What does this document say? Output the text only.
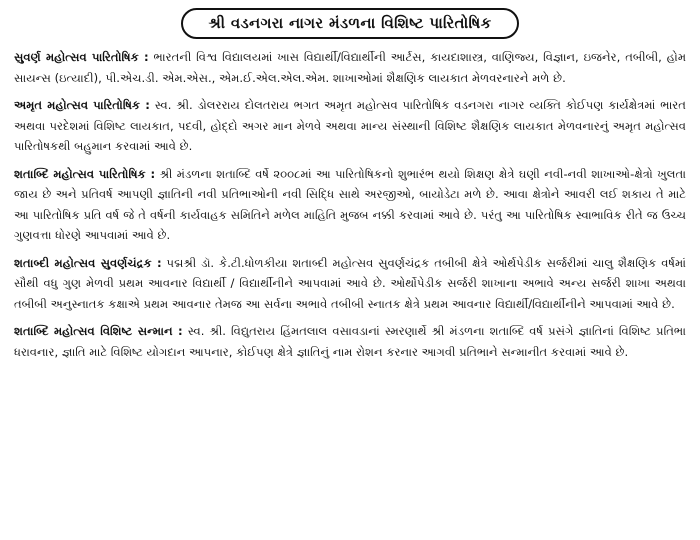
શ્રી વડનગરા નાગર મંડળના વિશિષ્ટ પારિતોષિક

સુવર્ણ મહોત્સવ પારિતોષિક : ભારતની વિશ્વ વિદ્યાલયમાં ખાસ વિદ્યાર્થી/વિદ્યાર્થીની આર્ટસ, કાયદાશાસ્ત્ર, વાણિજ્ય, વિજ્ઞાન, ઇજનેર, તબીબી, હોમ સાયન્સ (ઇત્યાદી), પી.એચ.ડી. એમ.એસ., એમ.ઈ.એલ.એલ.એમ. શાખાઓમાં શૈક્ષણિક લાયકાત મેળવરનારને મળે છે.

અમૃત મહોત્સવ પારિતોષિક : સ્વ. શ્રી. ડોલરરાય દોલતરાય ભગત અમૃત મહોત્સવ પારિતોષિક વડનગરા નાગર વ્યક્તિ કોઈપણ કાર્યક્ષેત્રમાં ભારત અથવા પરદેશમાં વિશિષ્ટ લાયકાત, પદવી, હોદ્દો અગર માન મેળવે અથવા માન્ય સંસ્થાની વિશિષ્ટ શૈક્ષણિક લાયકાત મેળવનારનું અમૃત મહોત્સવ પારિતોષકથી બહુમાન કરવામાં આવે છે.

શતાબ્દિ મહોત્સવ પારિતોષિક : શ્રી મંડળના શતાબ્દિ વર્ષે ૨૦૦૮માં આ પારિતોષિકનો શુભારંભ થયો શિક્ષણ ક્ષેત્રે ઘણી નવી-નવી શાખાઓ-ક્ષેત્રો ખુલતા જાય છે અને પ્રતિવર્ષ આપણી જ્ઞાતિની નવી પ્રતિભાઓની નવી સિદ્ધિ સાથે અરજીઓ, બાયોડેટા મળે છે. આવા ક્ષેત્રોને આવરી લઈ શકાય તે માટે આ પારિતોષિક પ્રતિ વર્ષ જે તે વર્ષની કાર્યવાહક સમિતિને મળેલ માહિતિ મુજબ નક્કી કરવામાં આવે છે. પરંતુ આ પારિતોષિક સ્વાભાવિક રીતે જ ઉચ્ચ ગુણવત્તા ધોરણે આપવામાં આવે છે.

શતાબ્દી મહોત્સવ સુવર્ણચંદ્રક : પદ્મશ્રી ડૉ. કે.ટી.ધોળકીયા શતાબ્દી મહોત્સવ સુવર્ણચંદ્રક તબીબી ક્ષેત્રે ઓર્થપેડીક સર્જરીમાં ચાલુ શૈક્ષણિક વર્ષમાં સૌથી વધુ ગુણ મેળવી પ્રથમ આવનાર વિદ્યાર્થી / વિદ્યાર્થીનીને આપવામાં આવે છે. ઓર્થોપેડીક સર્જરી શાખાના અભાવે અન્ય સર્જરી શાખા અથવા તબીબી અનુસ્નાતક કક્ષાએ પ્રથમ આવનાર તેમજ આ સર્વના અભાવે તબીબી સ્નાતક ક્ષેત્રે પ્રથમ આવનાર વિદ્યાર્થી/વિદ્યાર્થીનીને આપવામાં આવે છે.

શતાબ્દિ મહોત્સવ વિશિષ્ટ સન્માન : સ્વ. શ્રી. વિદ્યુતરાય હિંમતલાલ વસાવડાનાં સ્મરણાર્થે શ્રી મંડળના શતાબ્દિ વર્ષ પ્રસંગે જ્ઞાતિનાં વિશિષ્ટ પ્રતિભા ધરાવનાર, જ્ઞાતિ માટે વિશિષ્ટ યોગદાન આપનાર, કોઈપણ ક્ષેત્રે જ્ઞાતિનું નામ રોશન કરનાર આગવી પ્રતિભાને સન્માનીત કરવામાં આવે છે.
